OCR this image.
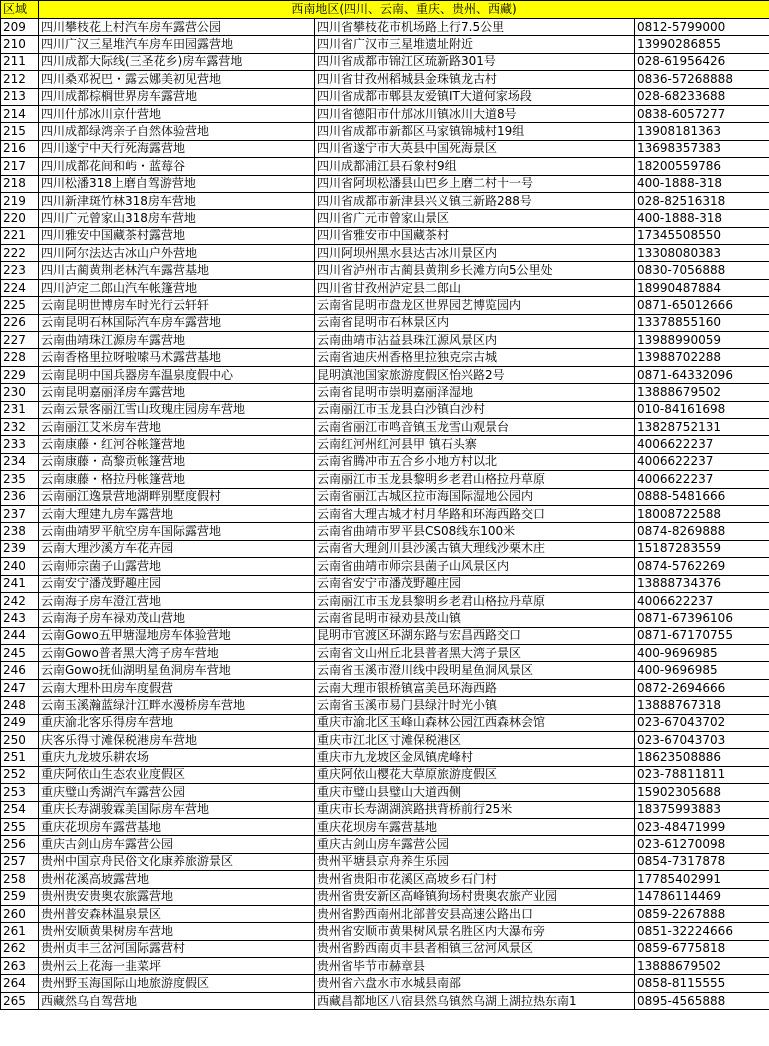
区域	西南地区(四川、云南、重庆、贵州、西藏)		
209	四川攀枝花上村汽车房车露营公园	四川省攀枝花市机场路上行7.5公里	0812-5799000
210	四川广汉三星堆汽车房车田园露营地	四川省广汉市三星堆遗址附近	13990286855
211	四川成都大际线(三圣花乡)房车露营地	四川省成都市锦江区琉新路301号	028-61956426
212	四川桑邓祝巴・露云娜美初见营地	四川省甘孜州稻城县金珠镇龙古村	0836-57268888
213	四川成都棕榈世界房车露营地	四川省成都市郫县友爱镇IT大道何家场段	028-68233688
214	四川什邡冰川京什营地	四川省德阳市什邡冰川镇冰川大道8号	0838-6057277
215	四川成都绿湾亲子自然体验营地	四川省成都市新都区马家镇锦城村19组	13908181363
216	四川遂宁中天行死海露营地	四川省遂宁市大英县中国死海景区	13698357383
217	四川成都花间和屿・蓝莓谷	四川成都浦江县石象村9组	18200559786
218	四川松潘318上磨自驾游营地	四川省阿坝松潘县山巴乡上磨二村十一号	400-1888-318
219	四川新津斑竹林318房车营地	四川省成都市新津县兴义镇三新路288号	028-82516318
220	四川广元曾家山318房车营地	四川省广元市曾家山景区	400-1888-318
221	四川雅安中国藏茶村露营地	四川省雅安市中国藏茶村	17345508550
222	四川阿尔法达古冰山户外营地	四川阿坝州黑水县达古冰川景区内	13308080383
223	四川古蔺黄荆老林汽车露营基地	四川省泸州市古蔺县黄荆乡长滩方向5公里处	0830-7056888
224	四川泸定二郎山汽车帐篷营地	四川省甘孜州泸定县二郎山	18990487884
225	云南昆明世博房车时光行云轩轩	云南省昆明市盘龙区世界园艺博览园内	0871-65012666
226	云南昆明石林国际汽车房车露营地	云南省昆明市石林景区内	13378855160
227	云南曲靖珠江源房车露营地	云南曲靖市沾益县珠江源风景区内	13988990059
228	云南香格里拉呀啦嗦马术露营基地	云南省迪庆州香格里拉独克宗古城	13988702288
229	云南昆明中国兵器房车温泉度假中心	昆明滇池国家旅游度假区怡兴路2号	0871-64332096
230	云南昆明嘉丽泽房车露营地	云南省昆明市崇明嘉丽泽湿地	13888679502
231	云南云景客丽江雪山玫瑰庄园房车营地	云南丽江市玉龙县白沙镇白沙村	010-84161698
232	云南丽江艾米房车营地	云南省丽江市鸣音镇玉龙雪山观景台	13828752131
233	云南康藤・红河谷帐篷营地	云南红河州红河县甲 镇石头寨	4006622237
234	云南康藤・高黎贡帐篷营地	云南省腾冲市五合乡小地方村以北	4006622237
235	云南康藤・格拉丹帐篷营地	云南丽江市玉龙县黎明乡老君山格拉丹草原	4006622237
236	云南丽江逸景营地湖畔别墅度假村	云南省丽江古城区拉市海国际湿地公园内	0888-5481666
237	云南大理建九房车露营地	云南省大理古城才村月华路和环海西路交口	18008722588
238	云南曲靖罗平航空房车国际露营地	云南省曲靖市罗平县CS08线东100米	0874-8269888
239	云南大理沙溪方车花卉园	云南省大理剑川县沙溪古镇大理线沙栗木庄	15187283559
240	云南师宗菌子山露营地	云南省曲靖市师宗县菌子山风景区内	0874-5762269
241	云南安宁潘茂野趣庄园	云南省安宁市潘茂野趣庄园	13888734376
242	云南海子房车澄江营地	云南丽江市玉龙县黎明乡老君山格拉丹草原	4006622237
243	云南海子房车禄劝茂山营地	云南省昆明市禄劝县茂山镇	0871-67396106
244	云南Gowo五甲塘湿地房车体验营地	昆明市官渡区环湖东路与宏昌西路交口	0871-67170755
245	云南Gowo普者黑大湾子房车营地	云南省文山州丘北县普者黑大湾子景区	400-9696985
246	云南Gowo抚仙湖明星鱼洞房车营地	云南省玉溪市澄川线中段明星鱼洞风景区	400-9696985
247	云南大理朴田房车度假营	云南大理市银桥镇富美邑环海西路	0872-2694666
248	云南玉溪瀚蓝绿汁江畔水漫桥房车营地	云南省玉溪市易门县绿汁时光小镇	13888767318
249	重庆渝北客乐得房车营地	重庆市渝北区玉峰山森林公园江西森林会馆	023-67043702
250	庆客乐得寸滩保税港房车营地	重庆市江北区寸滩保税港区	023-67043703
251	重庆九龙坡乐耕农场	重庆市九龙坡区金凤镇虎峰村	18623508886
252	重庆阿依山生态农业度假区	重庆阿依山樱花大草原旅游度假区	023-78811811
253	重庆璧山秀湖汽车露营公园	重庆市璧山县璧山大道西侧	15902305688
254	重庆长寿湖骏霖美国际房车营地	重庆市长寿湖湖滨路拱背桥前行25米	18375993883
255	重庆花坝房车露营基地	重庆花坝房车露营基地	023-48471999
256	重庆古剑山房车露营公园	重庆古剑山房车露营公园	023-61270098
257	贵州中国京舟民俗文化康养旅游景区	贵州平塘县京舟养生乐园	0854-7317878
258	贵州花溪高坡露营地	贵州省贵阳市花溪区高坡乡石门村	17785402991
259	贵州贵安贵奥农旅露营地	贵州省贵安新区高峰镇狗场村贵奥农旅产业园	14786114469
260	贵州普安森林温泉景区	贵州省黔西南州北部普安县高速公路出口	0859-2267888
261	贵州安顺黄果树房车营地	贵州省安顺市黄果树风景名胜区内大瀑布旁	0851-32224666
262	贵州贞丰三岔河国际露营村	贵州省黔西南贞丰县者相镇三岔河风景区	0859-6775818
263	贵州云上花海一韭菜坪	贵州省毕节市赫章县	13888679502
264	贵州野玉海国际山地旅游度假区	贵州省六盘水市水城县南部	0858-8115555
265	西藏然乌自驾营地	西藏昌都地区八宿县然乌镇然乌湖上湖拉热东南1	0895-4565888
